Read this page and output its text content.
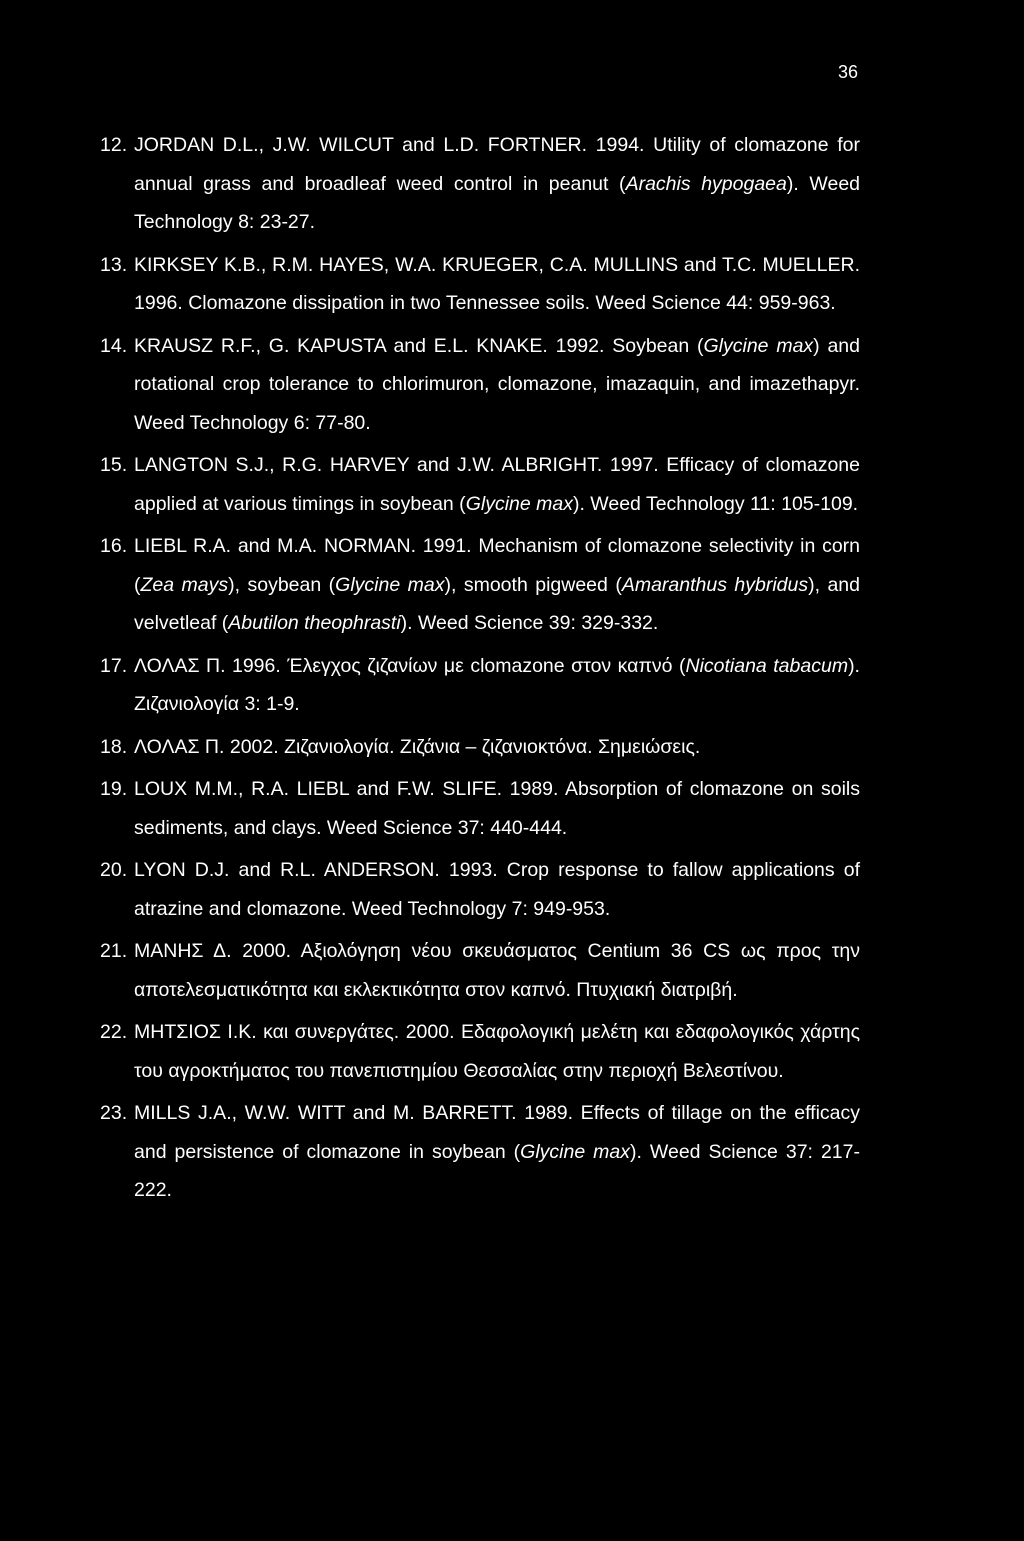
36
12. JORDAN D.L., J.W. WILCUT and L.D. FORTNER. 1994. Utility of clomazone for annual grass and broadleaf weed control in peanut (Arachis hypogaea). Weed Technology 8: 23-27.
13. KIRKSEY K.B., R.M. HAYES, W.A. KRUEGER, C.A. MULLINS and T.C. MUELLER. 1996. Clomazone dissipation in two Tennessee soils. Weed Science 44: 959-963.
14. KRAUSZ R.F., G. KAPUSTA and E.L. KNAKE. 1992. Soybean (Glycine max) and rotational crop tolerance to chlorimuron, clomazone, imazaquin, and imazethapyr. Weed Technology 6: 77-80.
15. LANGTON S.J., R.G. HARVEY and J.W. ALBRIGHT. 1997. Efficacy of clomazone applied at various timings in soybean (Glycine max). Weed Technology 11: 105-109.
16. LIEBL R.A. and M.A. NORMAN. 1991. Mechanism of clomazone selectivity in corn (Zea mays), soybean (Glycine max), smooth pigweed (Amaranthus hybridus), and velvetleaf (Abutilon theophrasti). Weed Science 39: 329-332.
17. ΛΟΛΑΣ Π. 1996. Έλεγχος ζιζανίων με clomazone στον καπνό (Nicotiana tabacum). Ζιζανιολογία 3: 1-9.
18. ΛΟΛΑΣ Π. 2002. Ζιζανιολογία. Ζιζάνια – ζιζανιοκτόνα. Σημειώσεις.
19. LOUX M.M., R.A. LIEBL and F.W. SLIFE. 1989. Absorption of clomazone on soils sediments, and clays. Weed Science 37: 440-444.
20. LYON D.J. and R.L. ANDERSON. 1993. Crop response to fallow applications of atrazine and clomazone. Weed Technology 7: 949-953.
21. ΜΑΝΗΣ Δ. 2000. Αξιολόγηση νέου σκευάσματος Centium 36 CS ως προς την αποτελεσματικότητα και εκλεκτικότητα στον καπνό. Πτυχιακή διατριβή.
22. ΜΗΤΣΙΟΣ Ι.Κ. και συνεργάτες. 2000. Εδαφολογική μελέτη και εδαφολογικός χάρτης του αγροκτήματος του πανεπιστημίου Θεσσαλίας στην περιοχή Βελεστίνου.
23. MILLS J.A., W.W. WITT and M. BARRETT. 1989. Effects of tillage on the efficacy and persistence of clomazone in soybean (Glycine max). Weed Science 37: 217-222.
